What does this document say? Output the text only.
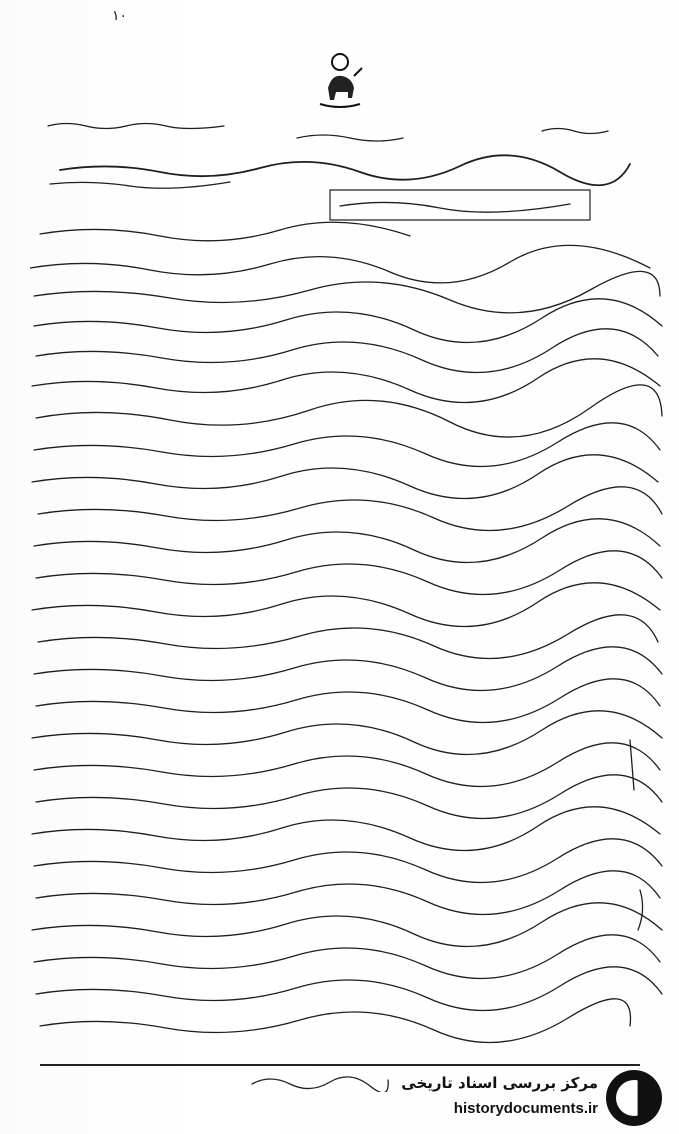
۱۰
مرکز بررسی اسناد تاریخی
historydocuments.ir
